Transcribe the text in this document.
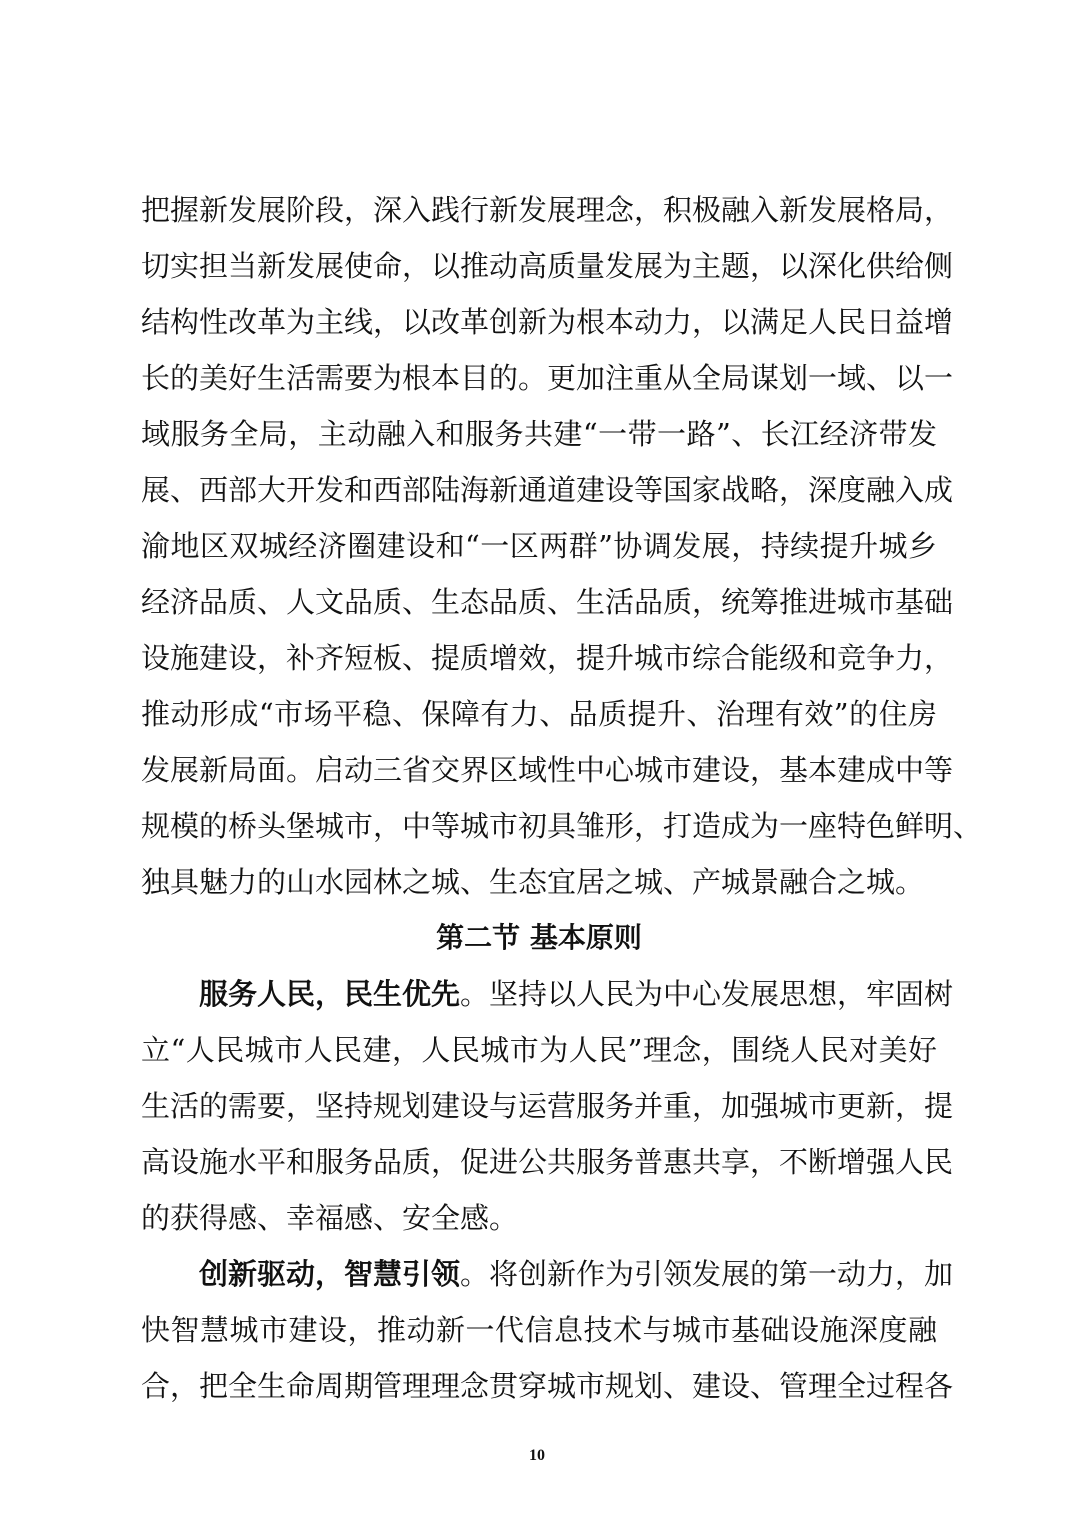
把握新发展阶段，深入践行新发展理念，积极融入新发展格局，
切实担当新发展使命，以推动高质量发展为主题，以深化供给侧
结构性改革为主线，以改革创新为根本动力，以满足人民日益增
长的美好生活需要为根本目的。更加注重从全局谋划一域、以一
域服务全局，主动融入和服务共建“一带一路”、长江经济带发
展、西部大开发和西部陆海新通道建设等国家战略，深度融入成
渝地区双城经济圈建设和“一区两群”协调发展，持续提升城乡
经济品质、人文品质、生态品质、生活品质，统筹推进城市基础
设施建设，补齐短板、提质增效，提升城市综合能级和竞争力，
推动形成“市场平稳、保障有力、品质提升、治理有效”的住房
发展新局面。启动三省交界区域性中心城市建设，基本建成中等
规模的桥头堡城市，中等城市初具雏形，打造成为一座特色鲜明、
独具魅力的山水园林之城、生态宜居之城、产城景融合之城。
第二节 基本原则
服务人民，民生优先。坚持以人民为中心发展思想，牢固树
立“人民城市人民建，人民城市为人民”理念，围绕人民对美好
生活的需要，坚持规划建设与运营服务并重，加强城市更新，提
高设施水平和服务品质，促进公共服务普惠共享，不断增强人民
的获得感、幸福感、安全感。
创新驱动，智慧引领。将创新作为引领发展的第一动力，加
快智慧城市建设，推动新一代信息技术与城市基础设施深度融
合，把全生命周期管理理念贯穿城市规划、建设、管理全过程各
10
